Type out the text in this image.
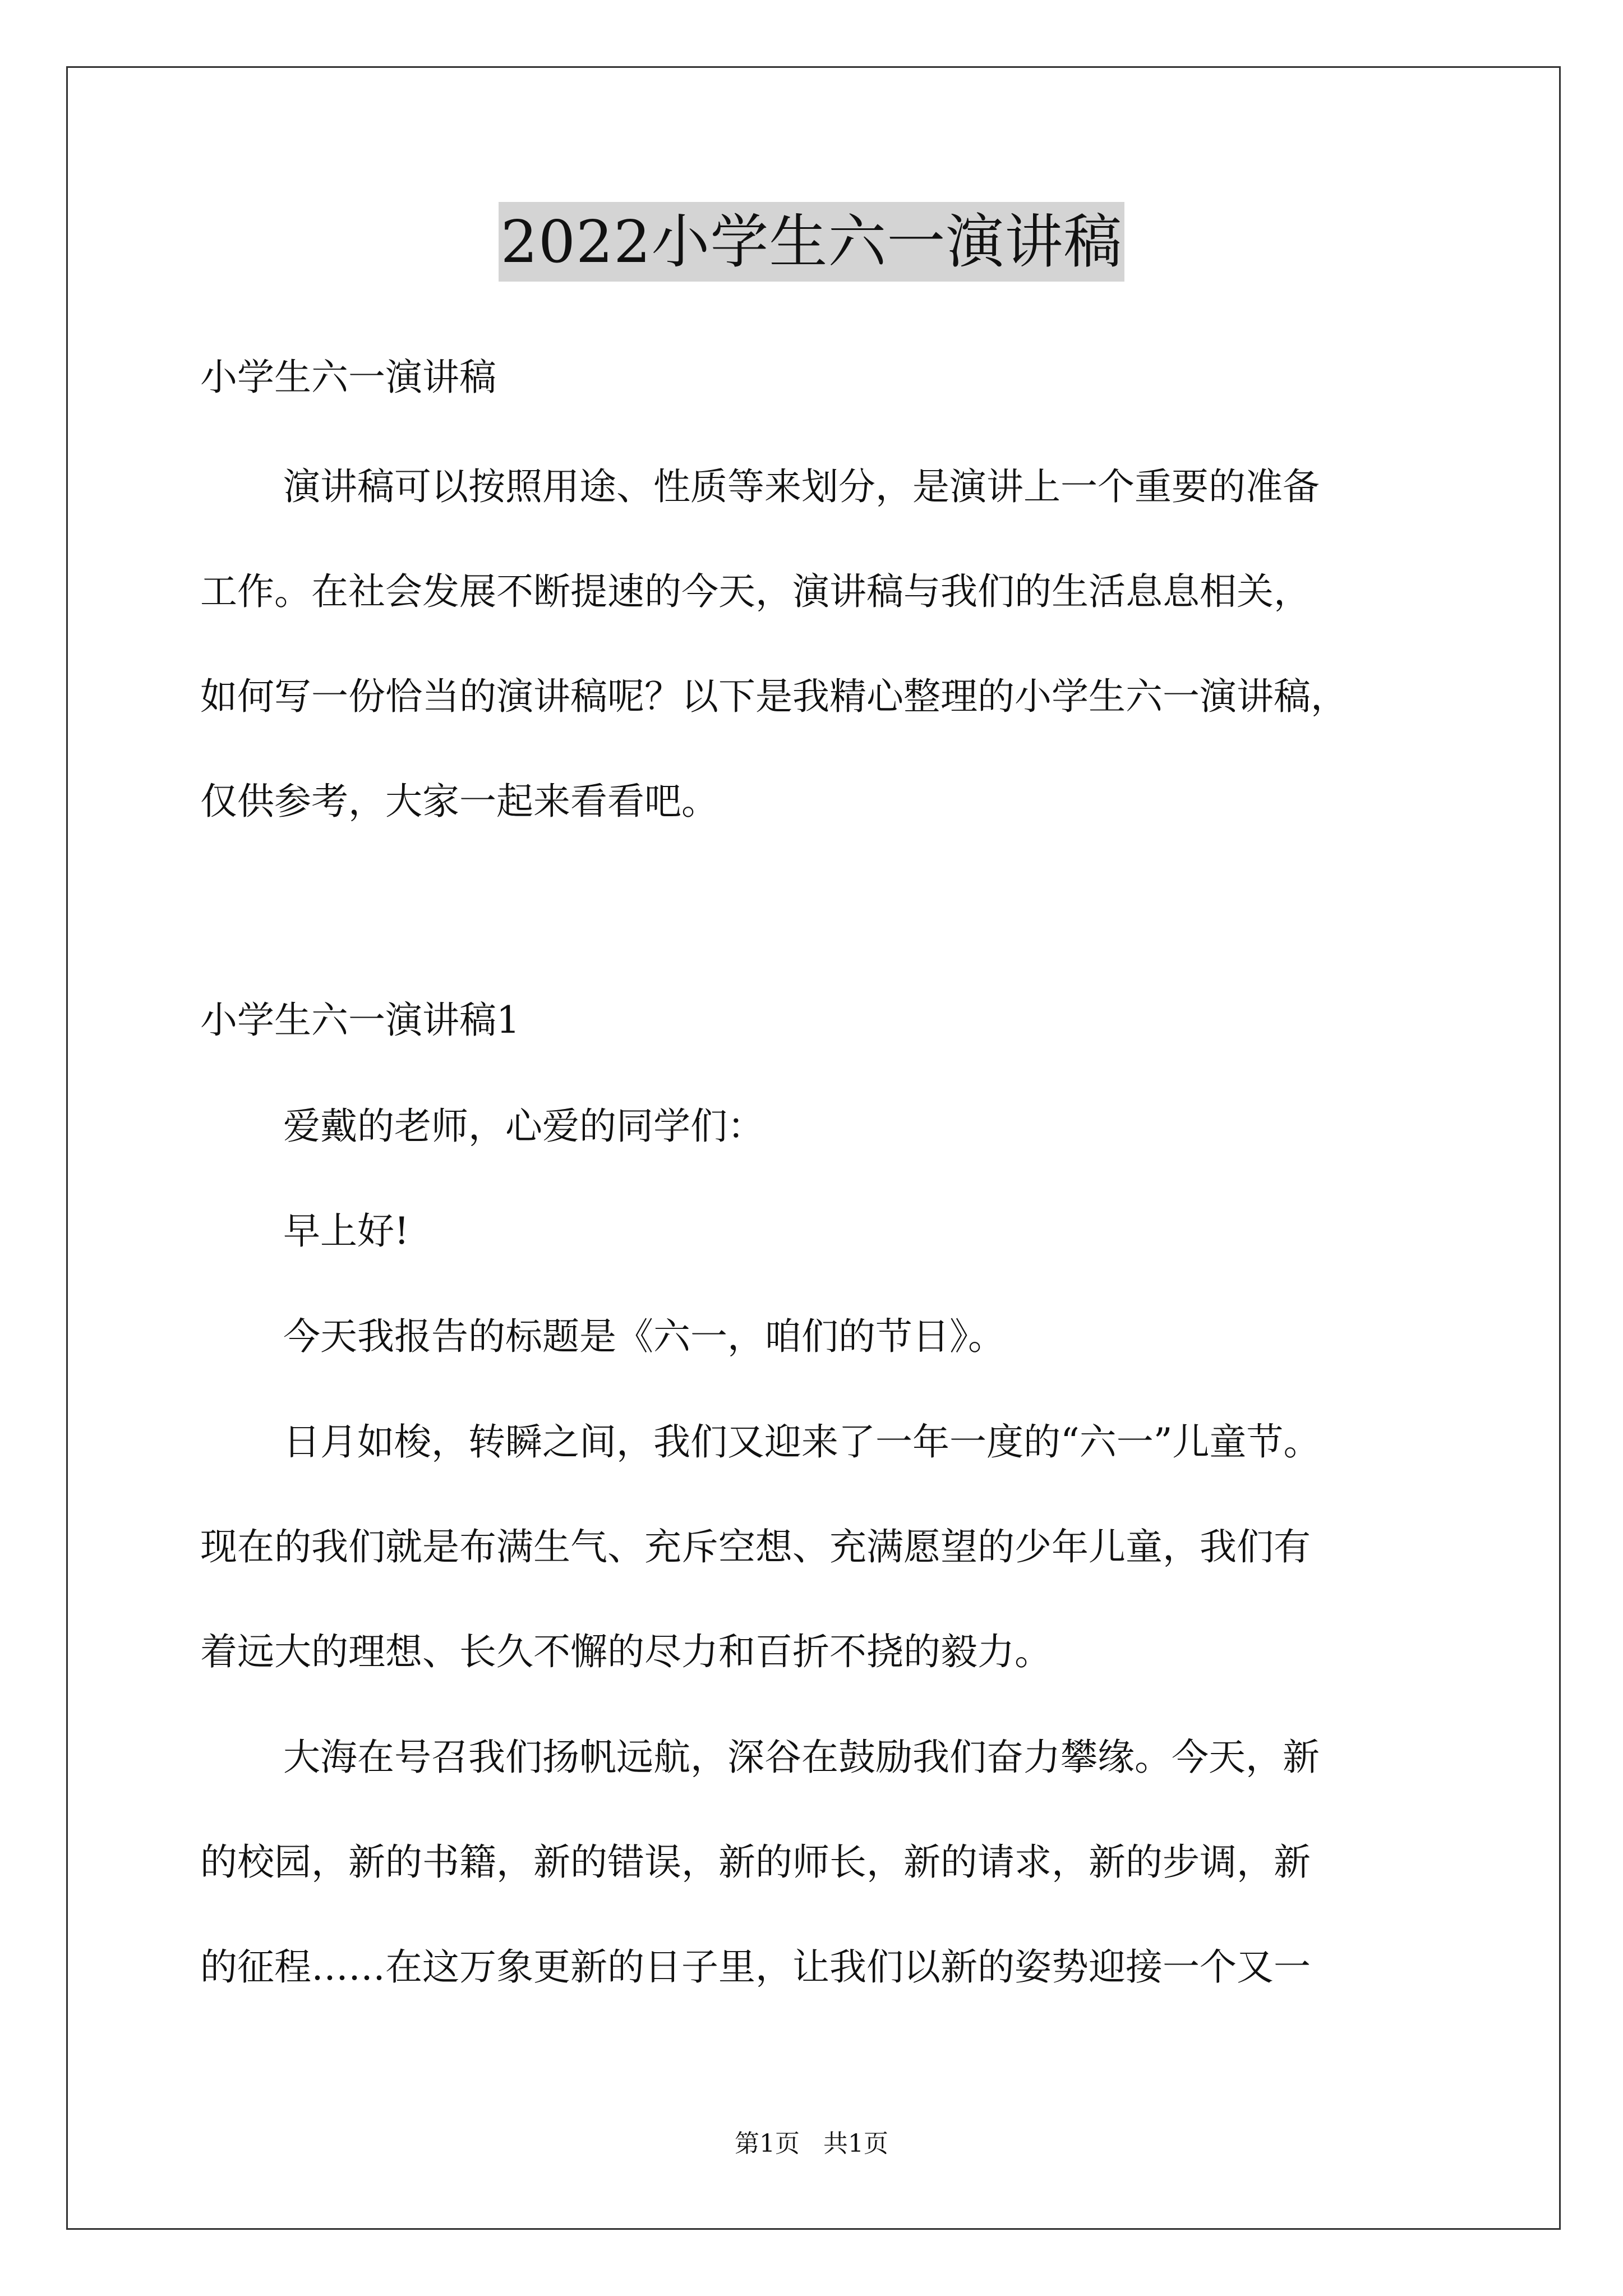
2022小学生六一演讲稿
小学生六一演讲稿
演讲稿可以按照用途、性质等来划分，是演讲上一个重要的准备
工作。在社会发展不断提速的今天，演讲稿与我们的生活息息相关，
如何写一份恰当的演讲稿呢？以下是我精心整理的小学生六一演讲稿，
仅供参考，大家一起来看看吧。
小学生六一演讲稿1
爱戴的老师，心爱的同学们：
早上好!
今天我报告的标题是《六一，咱们的节日》。
日月如梭，转瞬之间，我们又迎来了一年一度的“六一”儿童节。
现在的我们就是布满生气、充斥空想、充满愿望的少年儿童，我们有
着远大的理想、长久不懈的尽力和百折不挠的毅力。
大海在号召我们扬帆远航，深谷在鼓励我们奋力攀缘。今天，新
的校园，新的书籍，新的错误，新的师长，新的请求，新的步调，新
的征程……在这万象更新的日子里，让我们以新的姿势迎接一个又一
第1页 共1页
